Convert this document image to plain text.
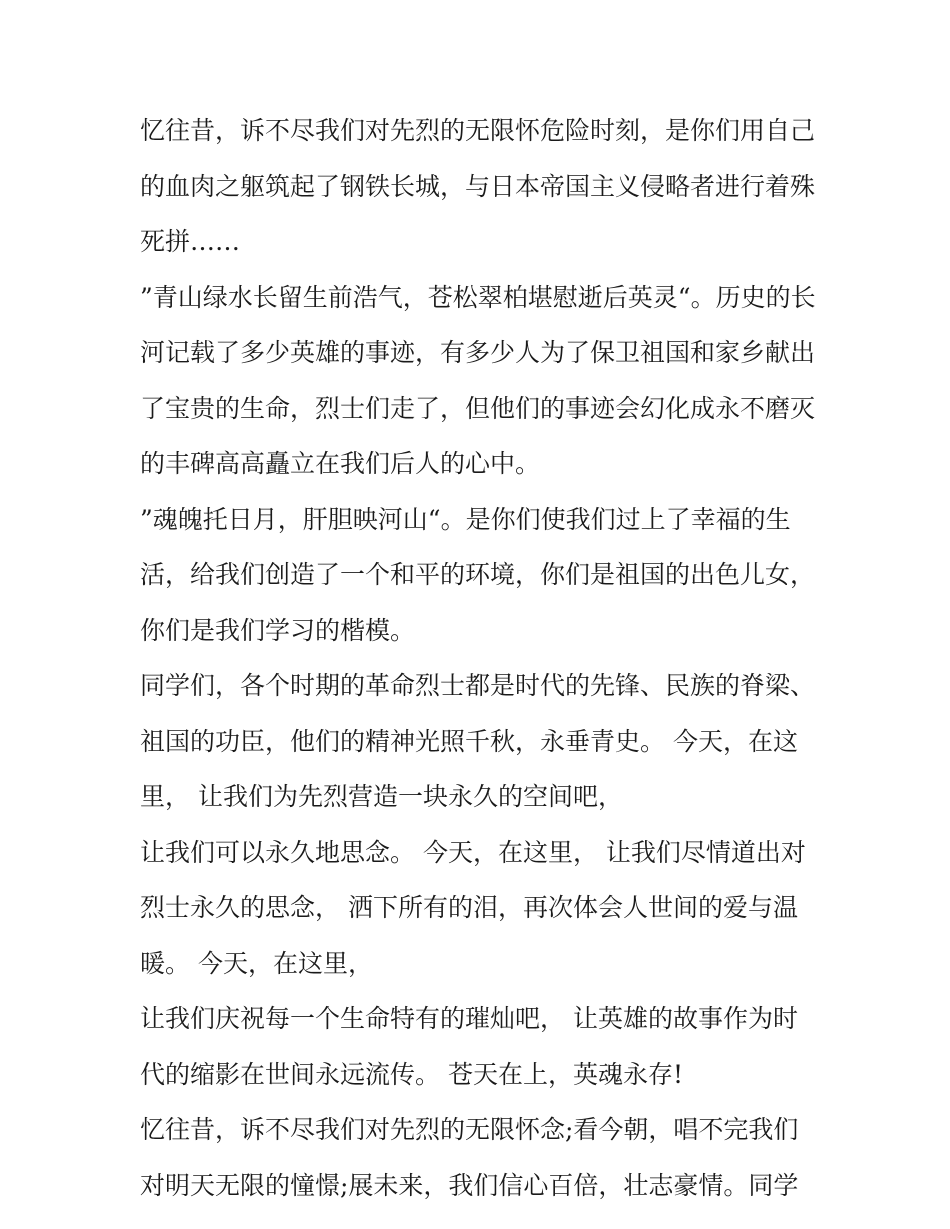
忆往昔，诉不尽我们对先烈的无限怀危险时刻，是你们用自己
的血肉之躯筑起了钢铁长城，与日本帝国主义侵略者进行着殊
死拼……
”青山绿水长留生前浩气，苍松翠柏堪慰逝后英灵“。历史的长
河记载了多少英雄的事迹，有多少人为了保卫祖国和家乡献出
了宝贵的生命，烈士们走了，但他们的事迹会幻化成永不磨灭
的丰碑高高矗立在我们后人的心中。
”魂魄托日月，肝胆映河山“。是你们使我们过上了幸福的生
活，给我们创造了一个和平的环境，你们是祖国的出色儿女，
你们是我们学习的楷模。
同学们，各个时期的革命烈士都是时代的先锋、民族的脊梁、
祖国的功臣，他们的精神光照千秋，永垂青史。 今天，在这
里， 让我们为先烈营造一块永久的空间吧，
让我们可以永久地思念。 今天，在这里， 让我们尽情道出对
烈士永久的思念， 洒下所有的泪，再次体会人世间的爱与温
暖。 今天，在这里，
让我们庆祝每一个生命特有的璀灿吧， 让英雄的故事作为时
代的缩影在世间永远流传。 苍天在上，英魂永存!
忆往昔，诉不尽我们对先烈的无限怀念;看今朝，唱不完我们
对明天无限的憧憬;展未来，我们信心百倍，壮志豪情。同学
